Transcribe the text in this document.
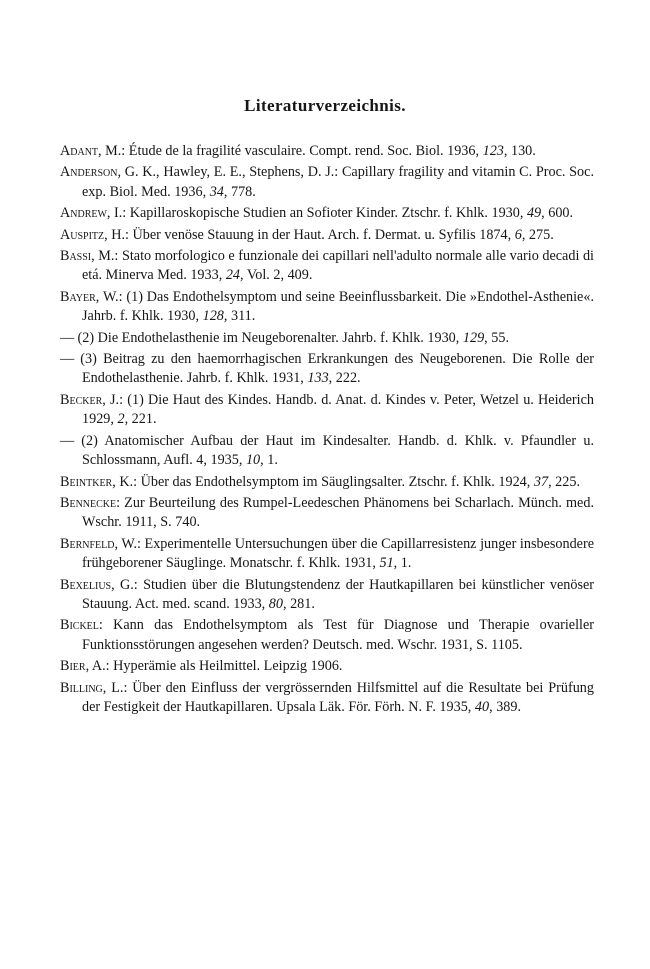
Literaturverzeichnis.
Adant, M.: Étude de la fragilité vasculaire. Compt. rend. Soc. Biol. 1936, 123, 130.
Anderson, G. K., Hawley, E. E., Stephens, D. J.: Capillary fragility and vitamin C. Proc. Soc. exp. Biol. Med. 1936, 34, 778.
Andrew, I.: Kapillaroskopische Studien an Sofioter Kinder. Ztschr. f. Khlk. 1930, 49, 600.
Auspitz, H.: Über venöse Stauung in der Haut. Arch. f. Dermat. u. Syfilis 1874, 6, 275.
Bassi, M.: Stato morfologico e funzionale dei capillari nell'adulto normale alle vario decadi di etá. Minerva Med. 1933, 24, Vol. 2, 409.
Bayer, W.: (1) Das Endothelsymptom und seine Beeinflussbarkeit. Die »Endothel-Asthenie«. Jahrb. f. Khlk. 1930, 128, 311.
— (2) Die Endothelasthenie im Neugeborenalter. Jahrb. f. Khlk. 1930, 129, 55.
— (3) Beitrag zu den haemorrhagischen Erkrankungen des Neugeborenen. Die Rolle der Endothelasthenie. Jahrb. f. Khlk. 1931, 133, 222.
Becker, J.: (1) Die Haut des Kindes. Handb. d. Anat. d. Kindes v. Peter, Wetzel u. Heiderich 1929, 2, 221.
— (2) Anatomischer Aufbau der Haut im Kindesalter. Handb. d. Khlk. v. Pfaundler u. Schlossmann, Aufl. 4, 1935, 10, 1.
Beintker, K.: Über das Endothelsymptom im Säuglingsalter. Ztschr. f. Khlk. 1924, 37, 225.
Bennecke: Zur Beurteilung des Rumpel-Leedeschen Phänomens bei Scharlach. Münch. med. Wschr. 1911, S. 740.
Bernfeld, W.: Experimentelle Untersuchungen über die Capillarresistenz junger insbesondere frühgeborener Säuglinge. Monatschr. f. Khlk. 1931, 51, 1.
Bexelius, G.: Studien über die Blutungstendenz der Hautkapillaren bei künstlicher venöser Stauung. Act. med. scand. 1933, 80, 281.
Bickel: Kann das Endothelsymptom als Test für Diagnose und Therapie ovarieller Funktionsstörungen angesehen werden? Deutsch. med. Wschr. 1931, S. 1105.
Bier, A.: Hyperämie als Heilmittel. Leipzig 1906.
Billing, L.: Über den Einfluss der vergrössernden Hilfsmittel auf die Resultate bei Prüfung der Festigkeit der Hautkapillaren. Upsala Läk. För. Förh. N. F. 1935, 40, 389.
